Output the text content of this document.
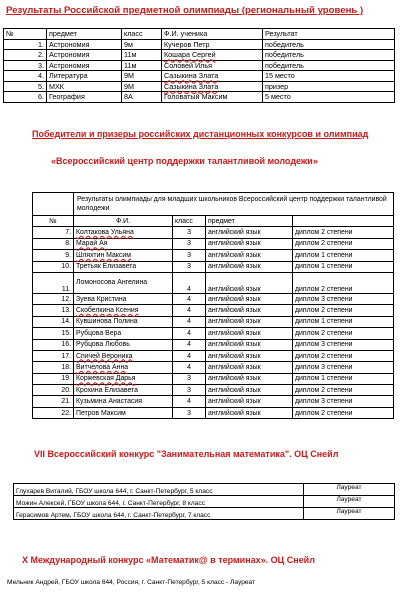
Результаты Российской предметной олимпиады (региональный уровень )
№	предмет	класс	Ф.И. ученика	Результат
1.	Астрономия	9м	Кучеров Петр	победитель
2.	Астрономия	11м	Кошара Сергей	победитель
3.	Астрономия	11м	Соловей Илья	победитель
4.	Литература	9М	Сазыкина Злата	15 место
5.	МХК	9М	Сазыкина Злата	призер
6.	География	8А	Головатый Максим	5 место
Победители и призеры российских дистанционных конкурсов и олимпиад
«Всероссийский центр поддержки талантливой молодежи»
	Результаты олимпиады для младших школьников Всероссийский центр поддержки талантливой молодежи			
№	Ф.И.	класс	предмет	
7.	Колтакова Ульяна	3	английский язык	диплом 2 степени
8.	Марай Ая	3	английский язык	диплом 2 степени
9.	Шляхтин Максим	3	английский язык	диплом 1 степени
10.	Третьяк Елизавета	3	английский язык	диплом 1 степени
11.	Ломоносова Ангелина	4	английский язык	диплом 2 степени
12.	Зуева Кристина	4	английский язык	диплом 3 степени
13.	Скобелкина Ксения	4	английский язык	диплом 2 степени
14.	Кувшинова Полина	4	английский язык	диплом 1 степени
15.	Рубцова Вера	4	английский язык	диплом 2 степени
16.	Рубцова Любовь	4	английский язык	диплом 3 степени
17.	Спичей Вероника	4	английский язык	диплом 2 степени
18.	Витчелова Анна	4	английский язык	диплом 3 степени
19.	Коржевская Дарья	3	английский язык	диплом 1 степени
20.	Крохина Елизавета	3	английский язык	диплом 2 степени
21.	Кузьмина Анастасия	4	английский язык	диплом 3 степени
22.	Петров Максим	3	английский язык	диплом 2 степени
VII Всероссийский конкурс "Занимательная математика". ОЦ Снейл
Глухарев Виталий, ГБОУ школа 644, г. Санкт-Петербург, 5 класс	Лауреат
Можин Алексей, ГБОУ школа 644, г. Санкт-Петербург, 8 класс	Лауреат
Герасимов Артем, ГБОУ школа 644, г. Санкт-Петербург, 7 класс	Лауреат
X Международный конкурс «Математик@ в терминах». ОЦ Снейл
Мельник Андрей, ГБОУ школа 644, Россия, г. Санкт-Петербург, 5 класс - Лауреат
